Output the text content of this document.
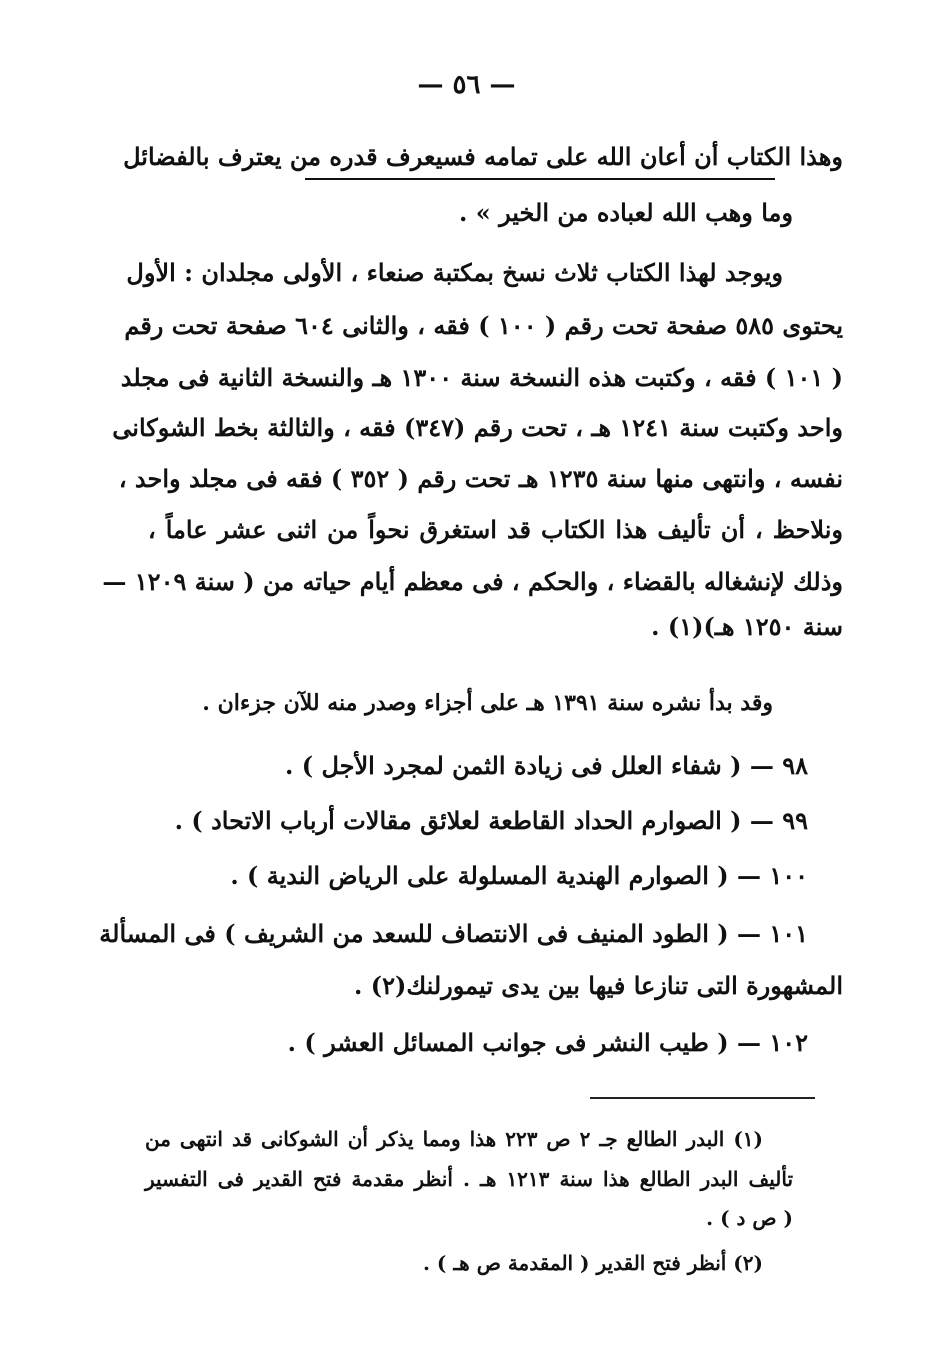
— ٥٦ —
وهذا الكتاب أن أعان الله على تمامه فسيعرف قدره من يعترف بالفضائل
وما وهب الله لعباده من الخير » .
ويوجد لهذا الكتاب ثلاث نسخ بمكتبة صنعاء ، الأولى مجلدان : الأول
يحتوى ٥٨٥ صفحة تحت رقم ( ١٠٠ ) فقه ، والثانى ٦٠٤ صفحة تحت رقم
( ١٠١ ) فقه ، وكتبت هذه النسخة سنة ١٣٠٠ هـ والنسخة الثانية فى مجلد
واحد وكتبت سنة ١٢٤١ هـ ، تحت رقم (٣٤٧) فقه ، والثالثة بخط الشوكانى
نفسه ، وانتهى منها سنة ١٢٣٥ هـ تحت رقم ( ٣٥٢ ) فقه فى مجلد واحد ،
ونلاحظ ، أن تأليف هذا الكتاب قد استغرق نحواً من اثنى عشر عاماً ،
وذلك لإنشغاله بالقضاء ، والحكم ، فى معظم أيام حياته من ( سنة ١٢٠٩ —
سنة ١٢٥٠ هـ)(١) .
وقد بدأ نشره سنة ١٣٩١ هـ على أجزاء وصدر منه للآن جزءان .
٩٨ — ( شفاء العلل فى زيادة الثمن لمجرد الأجل ) .
٩٩ — ( الصوارم الحداد القاطعة لعلائق مقالات أرباب الاتحاد ) .
١٠٠ — ( الصوارم الهندية المسلولة على الرياض الندية ) .
١٠١ — ( الطود المنيف فى الانتصاف للسعد من الشريف ) فى المسألة
المشهورة التى تنازعا فيها بين يدى تيمورلنك(٢) .
١٠٢ — ( طيب النشر فى جوانب المسائل العشر ) .
(١) البدر الطالع جـ ٢ ص ٢٢٣ هذا ومما يذكر أن الشوكانى قد انتهى من
تأليف البدر الطالع هذا سنة ١٢١٣ هـ . أنظر مقدمة فتح القدير فى التفسير
( ص د ) .
(٢) أنظر فتح القدير ( المقدمة ص هـ ) .
